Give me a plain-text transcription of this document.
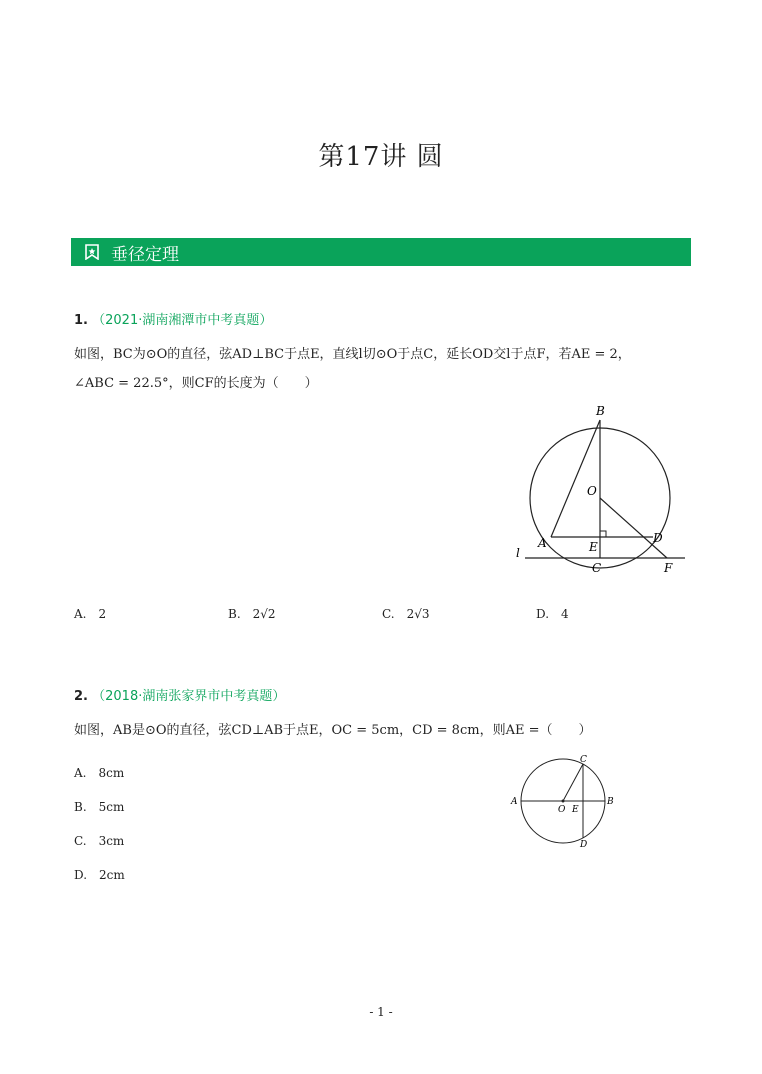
第17讲 圆
垂径定理
1. （2021·湖南湘潭市中考真题）
如图，BC为⊙O的直径，弦AD⊥BC于点E，直线l切⊙O于点C，延长OD交l于点F，若AE = 2，
∠ABC = 22.5°，则CF的长度为（　　）
B
O
A	E
D
l
C	F
A.　2	B.　2√2	C.　2√3	D.　4
2. （2018·湖南张家界市中考真题）
如图，AB是⊙O的直径，弦CD⊥AB于点E，OC = 5cm，CD = 8cm，则AE =（　　）
A.　8cm
B.　5cm
C.　3cm
D.　2cm
A	B
C
D
O E
- 1 -
